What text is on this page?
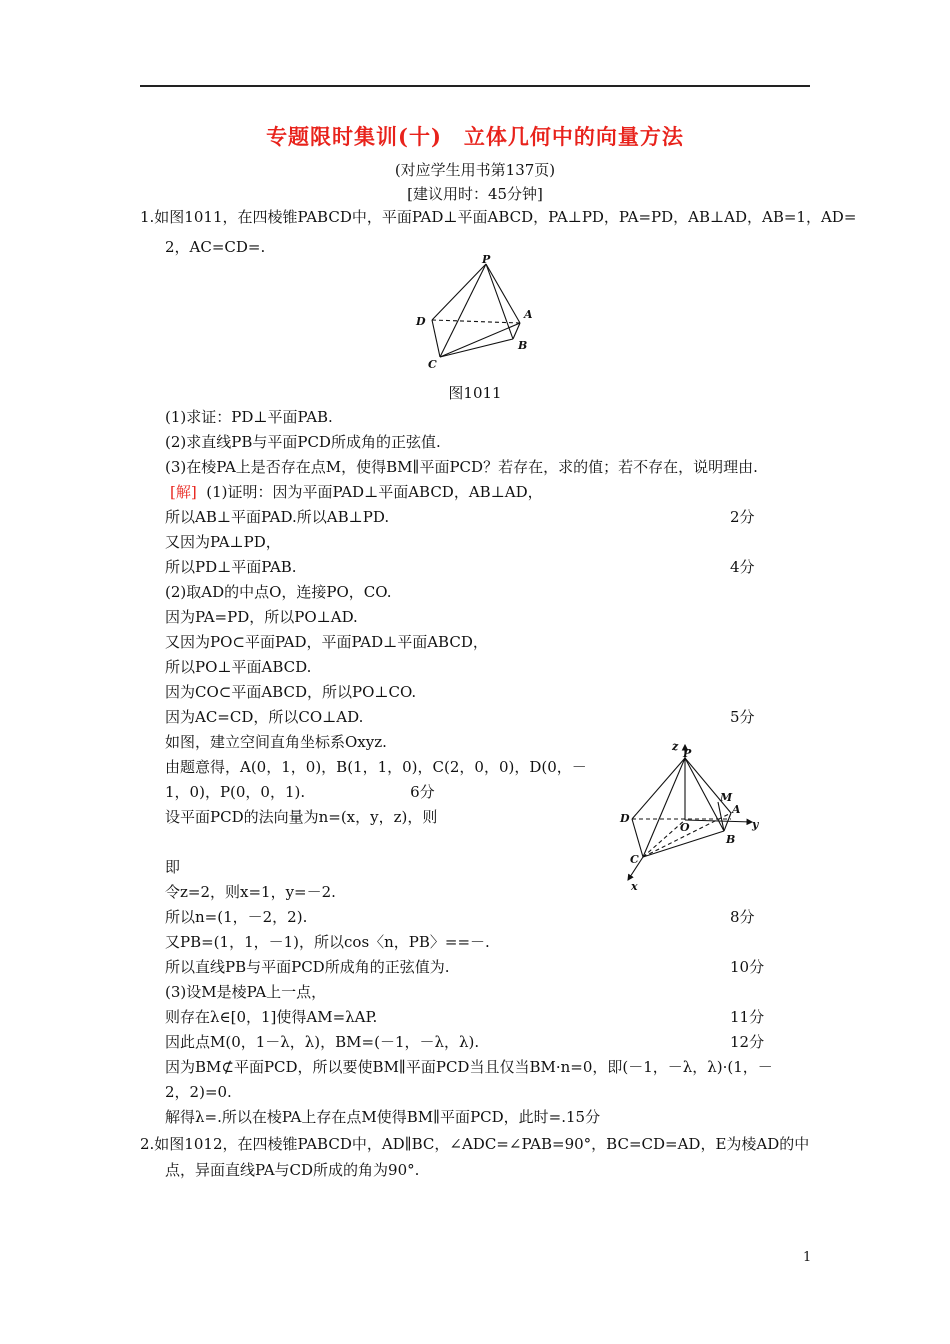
专题限时集训(十)　立体几何中的向量方法
(对应学生用书第137页)
[建议用时：45分钟]
1.如图1011，在四棱锥PABCD中，平面PAD⊥平面ABCD，PA⊥PD，PA=PD，AB⊥AD，AB=1，AD=
2，AC=CD=.
P
A
B
C
D
图1011
(1)求证：PD⊥平面PAB.
(2)求直线PB与平面PCD所成角的正弦值.
(3)在棱PA上是否存在点M，使得BM∥平面PCD？若存在，求的值；若不存在，说明理由.
[解] (1)证明：因为平面PAD⊥平面ABCD，AB⊥AD，
所以AB⊥平面PAD.所以AB⊥PD.	2分
又因为PA⊥PD，
所以PD⊥平面PAB.	4分
(2)取AD的中点O，连接PO，CO.
因为PA=PD，所以PO⊥AD.
又因为PO⊂平面PAD，平面PAD⊥平面ABCD，
所以PO⊥平面ABCD.
因为CO⊂平面ABCD，所以PO⊥CO.
因为AC=CD，所以CO⊥AD.	5分
如图，建立空间直角坐标系Oxyz.
由题意得，A(0，1，0)，B(1，1，0)，C(2，0，0)，D(0，－
1，0)，P(0，0，1).　　　　　　　6分
设平面PCD的法向量为n=(x，y，z)，则
z
P
M
A
D
O	y
B
C
x
即
令z=2，则x=1，y=－2.
所以n=(1，－2，2).	8分
又PB=(1，1，－1)，所以cos〈n，PB〉==－.
所以直线PB与平面PCD所成角的正弦值为.	10分
(3)设M是棱PA上一点，
则存在λ∈[0，1]使得AM=λAP.	11分
因此点M(0，1－λ，λ)，BM=(－1，－λ，λ).	12分
因为BM⊄平面PCD，所以要使BM∥平面PCD当且仅当BM·n=0，即(－1，－λ，λ)·(1，－
2，2)=0.
解得λ=.所以在棱PA上存在点M使得BM∥平面PCD，此时=.15分
2.如图1012，在四棱锥PABCD中，AD∥BC，∠ADC=∠PAB=90°，BC=CD=AD，E为棱AD的中
点，异面直线PA与CD所成的角为90°.
1
